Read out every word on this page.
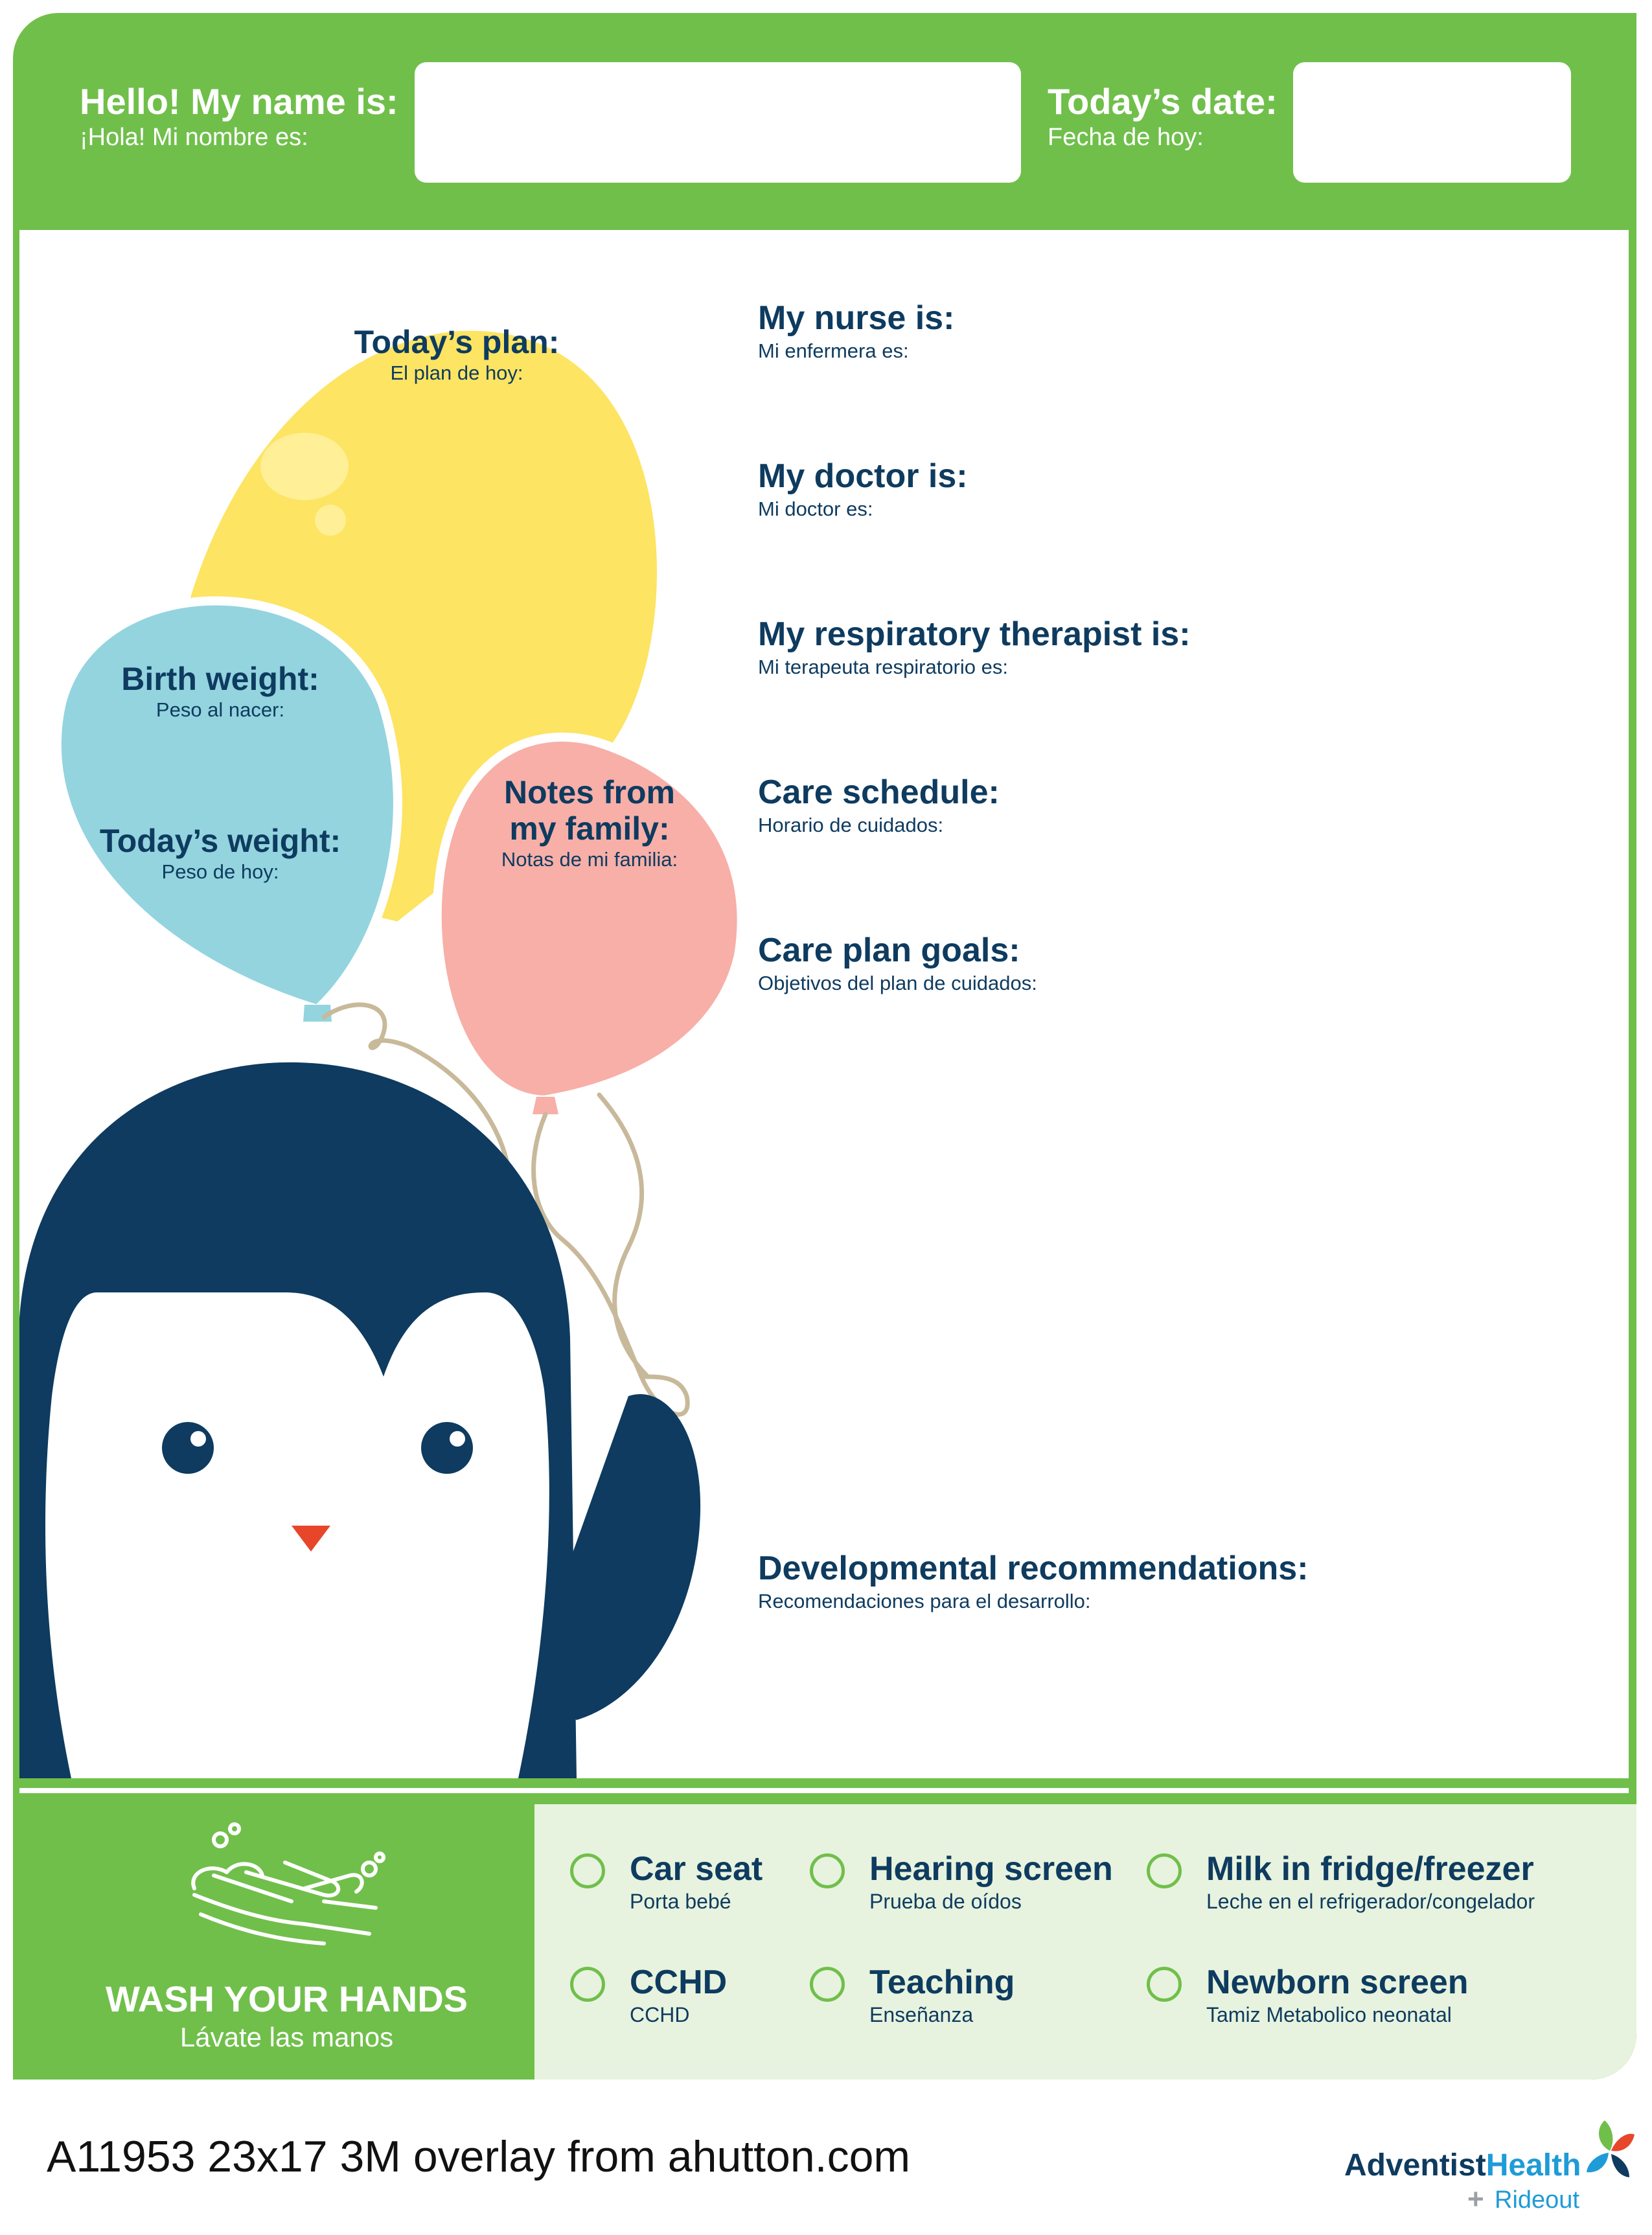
Hello! My name is:
¡Hola! Mi nombre es:
Today’s date:
Fecha de hoy:
Today’s plan:
El plan de hoy:
Birth weight:
Peso al nacer:
Today’s weight:
Peso de hoy:
Notes from
my family:
Notas de mi familia:
My nurse is:
Mi enfermera es:
My doctor is:
Mi doctor es:
My respiratory therapist is:
Mi terapeuta respiratorio es:
Care schedule:
Horario de cuidados:
Care plan goals:
Objetivos del plan de cuidados:
Developmental recommendations:
Recomendaciones para el desarrollo:
WASH YOUR HANDS
Lávate las manos
Car seat
Porta bebé
Hearing screen
Prueba de oídos
Milk in fridge/freezer
Leche en el refrigerador/congelador
CCHD
CCHD
Teaching
Enseñanza
Newborn screen
Tamiz Metabolico neonatal
A11953 23x17 3M overlay from ahutton.com	AdventistHealth
+ Rideout
